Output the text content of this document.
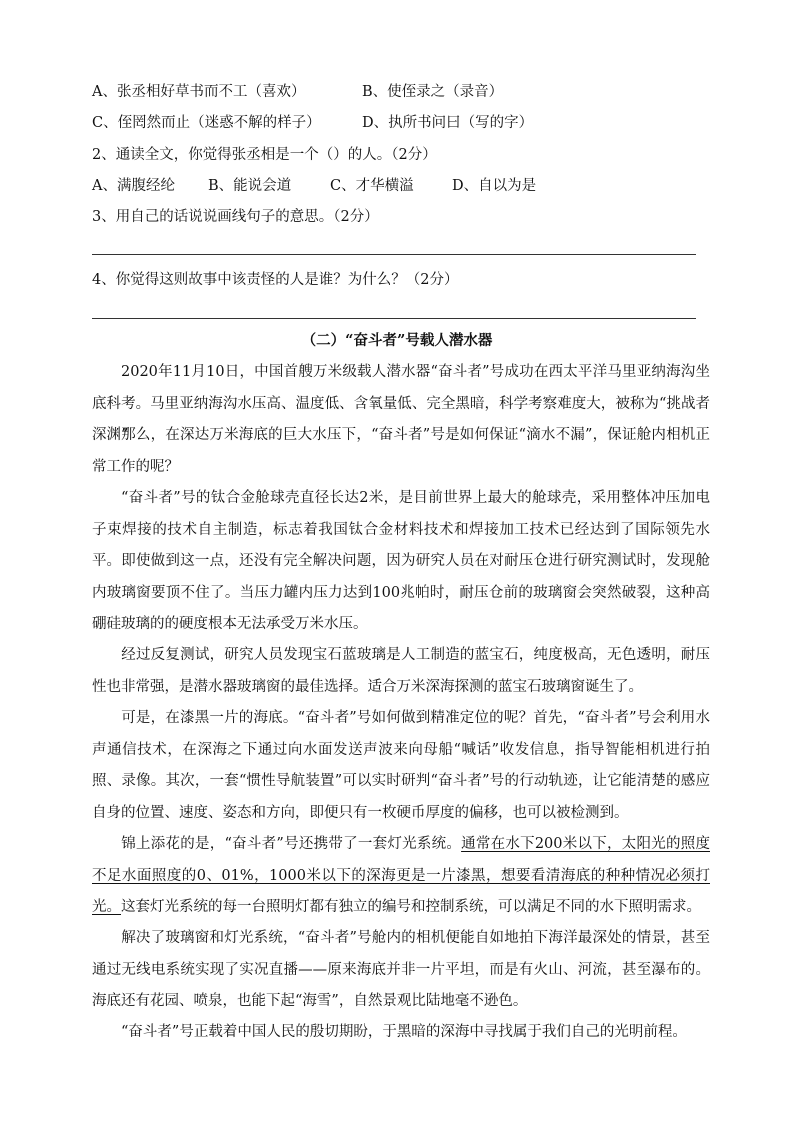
A、张丞相好草书而不工（喜欢）	B、使侄录之（录音）
C、侄罔然而止（迷惑不解的样子）	D、执所书问曰（写的字）
2、通读全文，你觉得张丞相是一个（）的人。（2分）
A、满腹经纶 B、能说会道	C、才华横溢	D、自以为是
3、用自己的话说说画线句子的意思。（2分）
4、你觉得这则故事中该责怪的人是谁？为什么？（2分）
（二）“奋斗者”号载人潜水器
2020年11月10日，中国首艘万米级载人潜水器“奋斗者”号成功在西太平洋马里亚纳海沟坐底科考。马里亚纳海沟水压高、温度低、含氧量低、完全黑暗，科学考察难度大，被称为“挑战者深渊”
那么，在深达万米海底的巨大水压下，“奋斗者”号是如何保证“滴水不漏”，保证舱内相机正常工作的呢？
“奋斗者”号的钛合金舱球壳直径长达2米，是目前世界上最大的舱球壳，采用整体冲压加电子束焊接的技术自主制造，标志着我国钛合金材料技术和焊接加工技术已经达到了国际领先水平。 即使做到这一点，还没有完全解决问题，因为研究人员在对耐压仓进行研究测试时，发现舱内玻璃窗要顶不住了。当压力罐内压力达到100兆帕时，耐压仓前的玻璃窗会突然破裂，这种高硼硅玻璃的的硬度根本无法承受万米水压。
经过反复测试，研究人员发现宝石蓝玻璃是人工制造的蓝宝石，纯度极高，无色透明，耐压性也非常强，是潜水器玻璃窗的最佳选择。适合万米深海探测的蓝宝石玻璃窗诞生了。
可是，在漆黑一片的海底。“奋斗者”号如何做到精准定位的呢？首先，“奋斗者”号会利用水声通信技术，在深海之下通过向水面发送声波来向母船“喊话”收发信息，指导智能相机进行拍照、录像。其次，一套“惯性导航装置”可以实时研判“奋斗者”号的行动轨迹，让它能清楚的感应自身的位置、速度、姿态和方向，即便只有一枚硬币厚度的偏移，也可以被检测到。
锦上添花的是，“奋斗者”号还携带了一套灯光系统。通常在水下200米以下，太阳光的照度不足水面照度的0、01%，1000米以下的深海更是一片漆黑，想要看清海底的种种情况必须打光。这套灯光系统的每一台照明灯都有独立的编号和控制系统，可以满足不同的水下照明需求。
解决了玻璃窗和灯光系统，“奋斗者”号舱内的相机便能自如地拍下海洋最深处的情景，甚至通过无线电系统实现了实况直播——原来海底并非一片平坦，而是有火山、河流，甚至瀑布的。海底还有花园、喷泉，也能下起“海雪”，自然景观比陆地毫不逊色。
“奋斗者”号正载着中国人民的殷切期盼，于黑暗的深海中寻找属于我们自己的光明前程。
